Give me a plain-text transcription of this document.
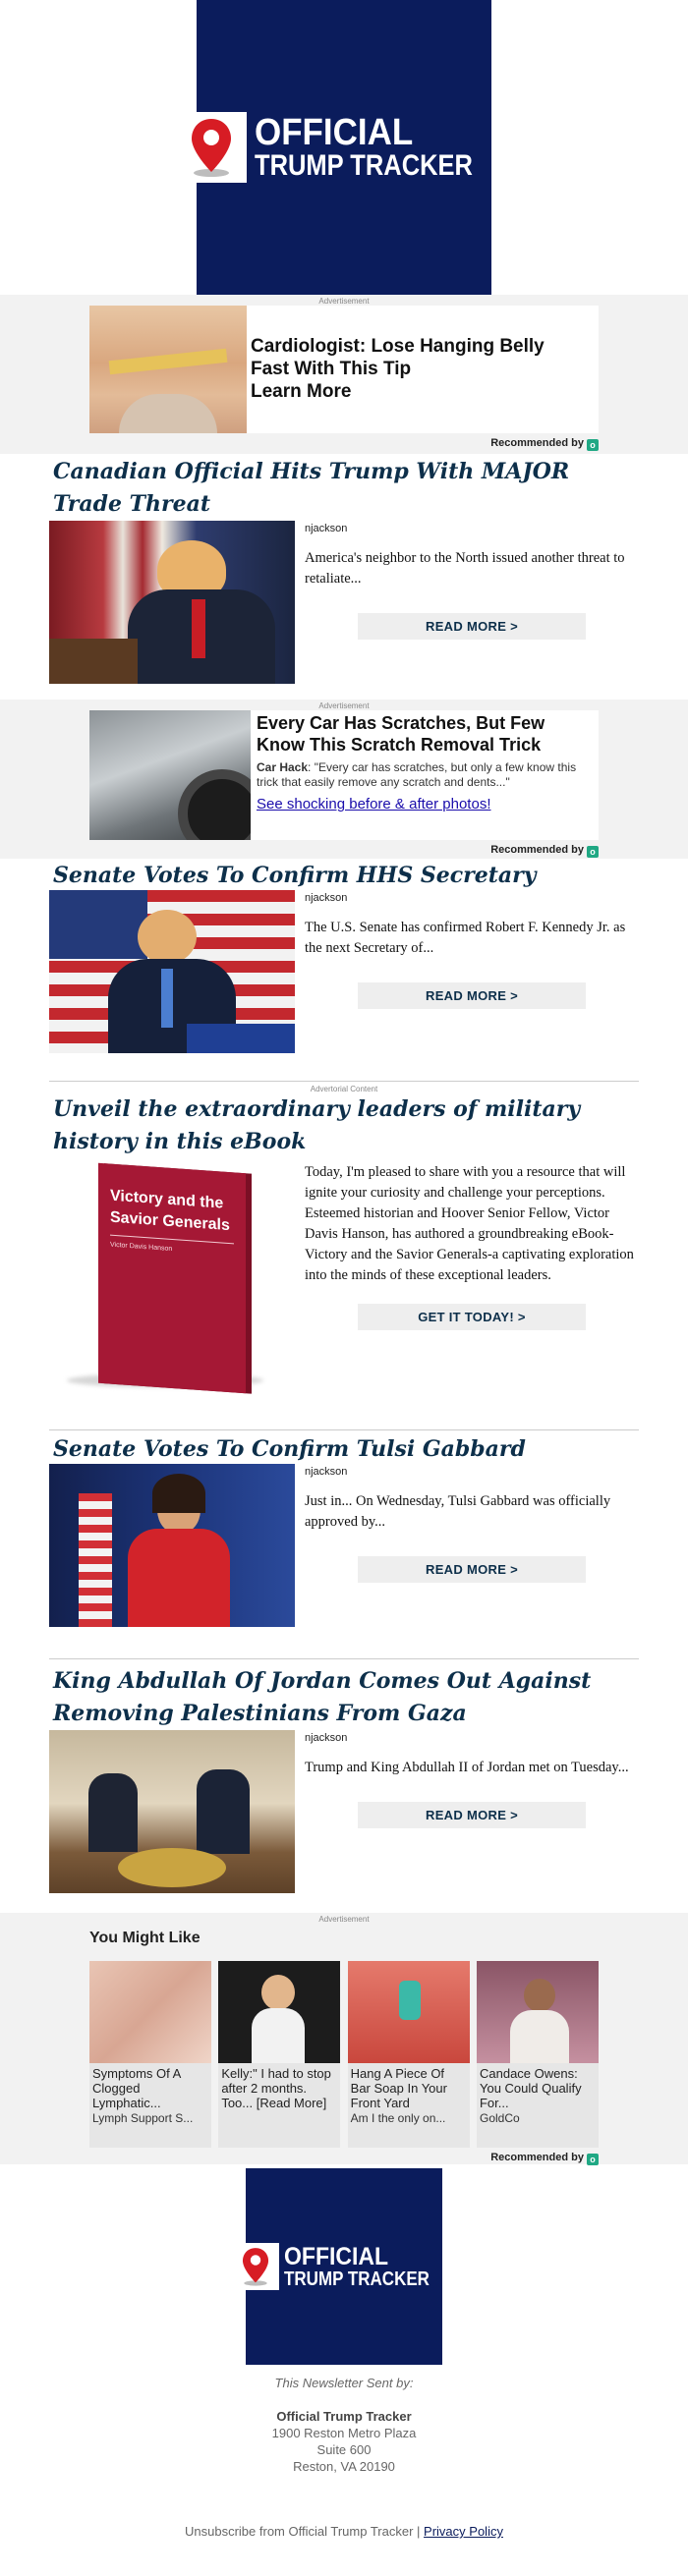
OFFICIAL
TRUMP TRACKER
Advertisement
Cardiologist: Lose Hanging Belly Fast With This Tip
Learn More
Recommended by o
Canadian Official Hits Trump With MAJOR Trade Threat
njackson
America's neighbor to the North issued another threat to retaliate...
READ MORE >
Advertisement
Every Car Has Scratches, But Few Know This Scratch Removal Trick
Car Hack: "Every car has scratches, but only a few know this trick that easily remove any scratch and dents..."
See shocking before & after photos!
Recommended by o
Senate Votes To Confirm HHS Secretary
njackson
The U.S. Senate has confirmed Robert F. Kennedy Jr. as the next Secretary of...
READ MORE >
Advertorial Content
Unveil the extraordinary leaders of military history in this eBook
Victory and the
Savior Generals
Victor Davis Hanson
Today, I'm pleased to share with you a resource that will ignite your curiosity and challenge your perceptions. Esteemed historian and Hoover Senior Fellow, Victor Davis Hanson, has authored a groundbreaking eBook-Victory and the Savior Generals-a captivating exploration into the minds of these exceptional leaders.
GET IT TODAY! >
Senate Votes To Confirm Tulsi Gabbard
njackson
Just in... On Wednesday, Tulsi Gabbard was officially approved by...
READ MORE >
King Abdullah Of Jordan Comes Out Against Removing Palestinians From Gaza
njackson
Trump and King Abdullah II of Jordan met on Tuesday...
READ MORE >
Advertisement
You Might Like
Symptoms Of A Clogged Lymphatic...
Lymph Support S...
Kelly:" I had to stop after 2 months. Too... [Read More]
Hang A Piece Of Bar Soap In Your Front Yard
Am I the only on...
Candace Owens: You Could Qualify For...
GoldCo
Recommended by o
OFFICIAL
TRUMP TRACKER
This Newsletter Sent by:
Official Trump Tracker
1900 Reston Metro Plaza
Suite 600
Reston, VA 20190
Unsubscribe from Official Trump Tracker | Privacy Policy
